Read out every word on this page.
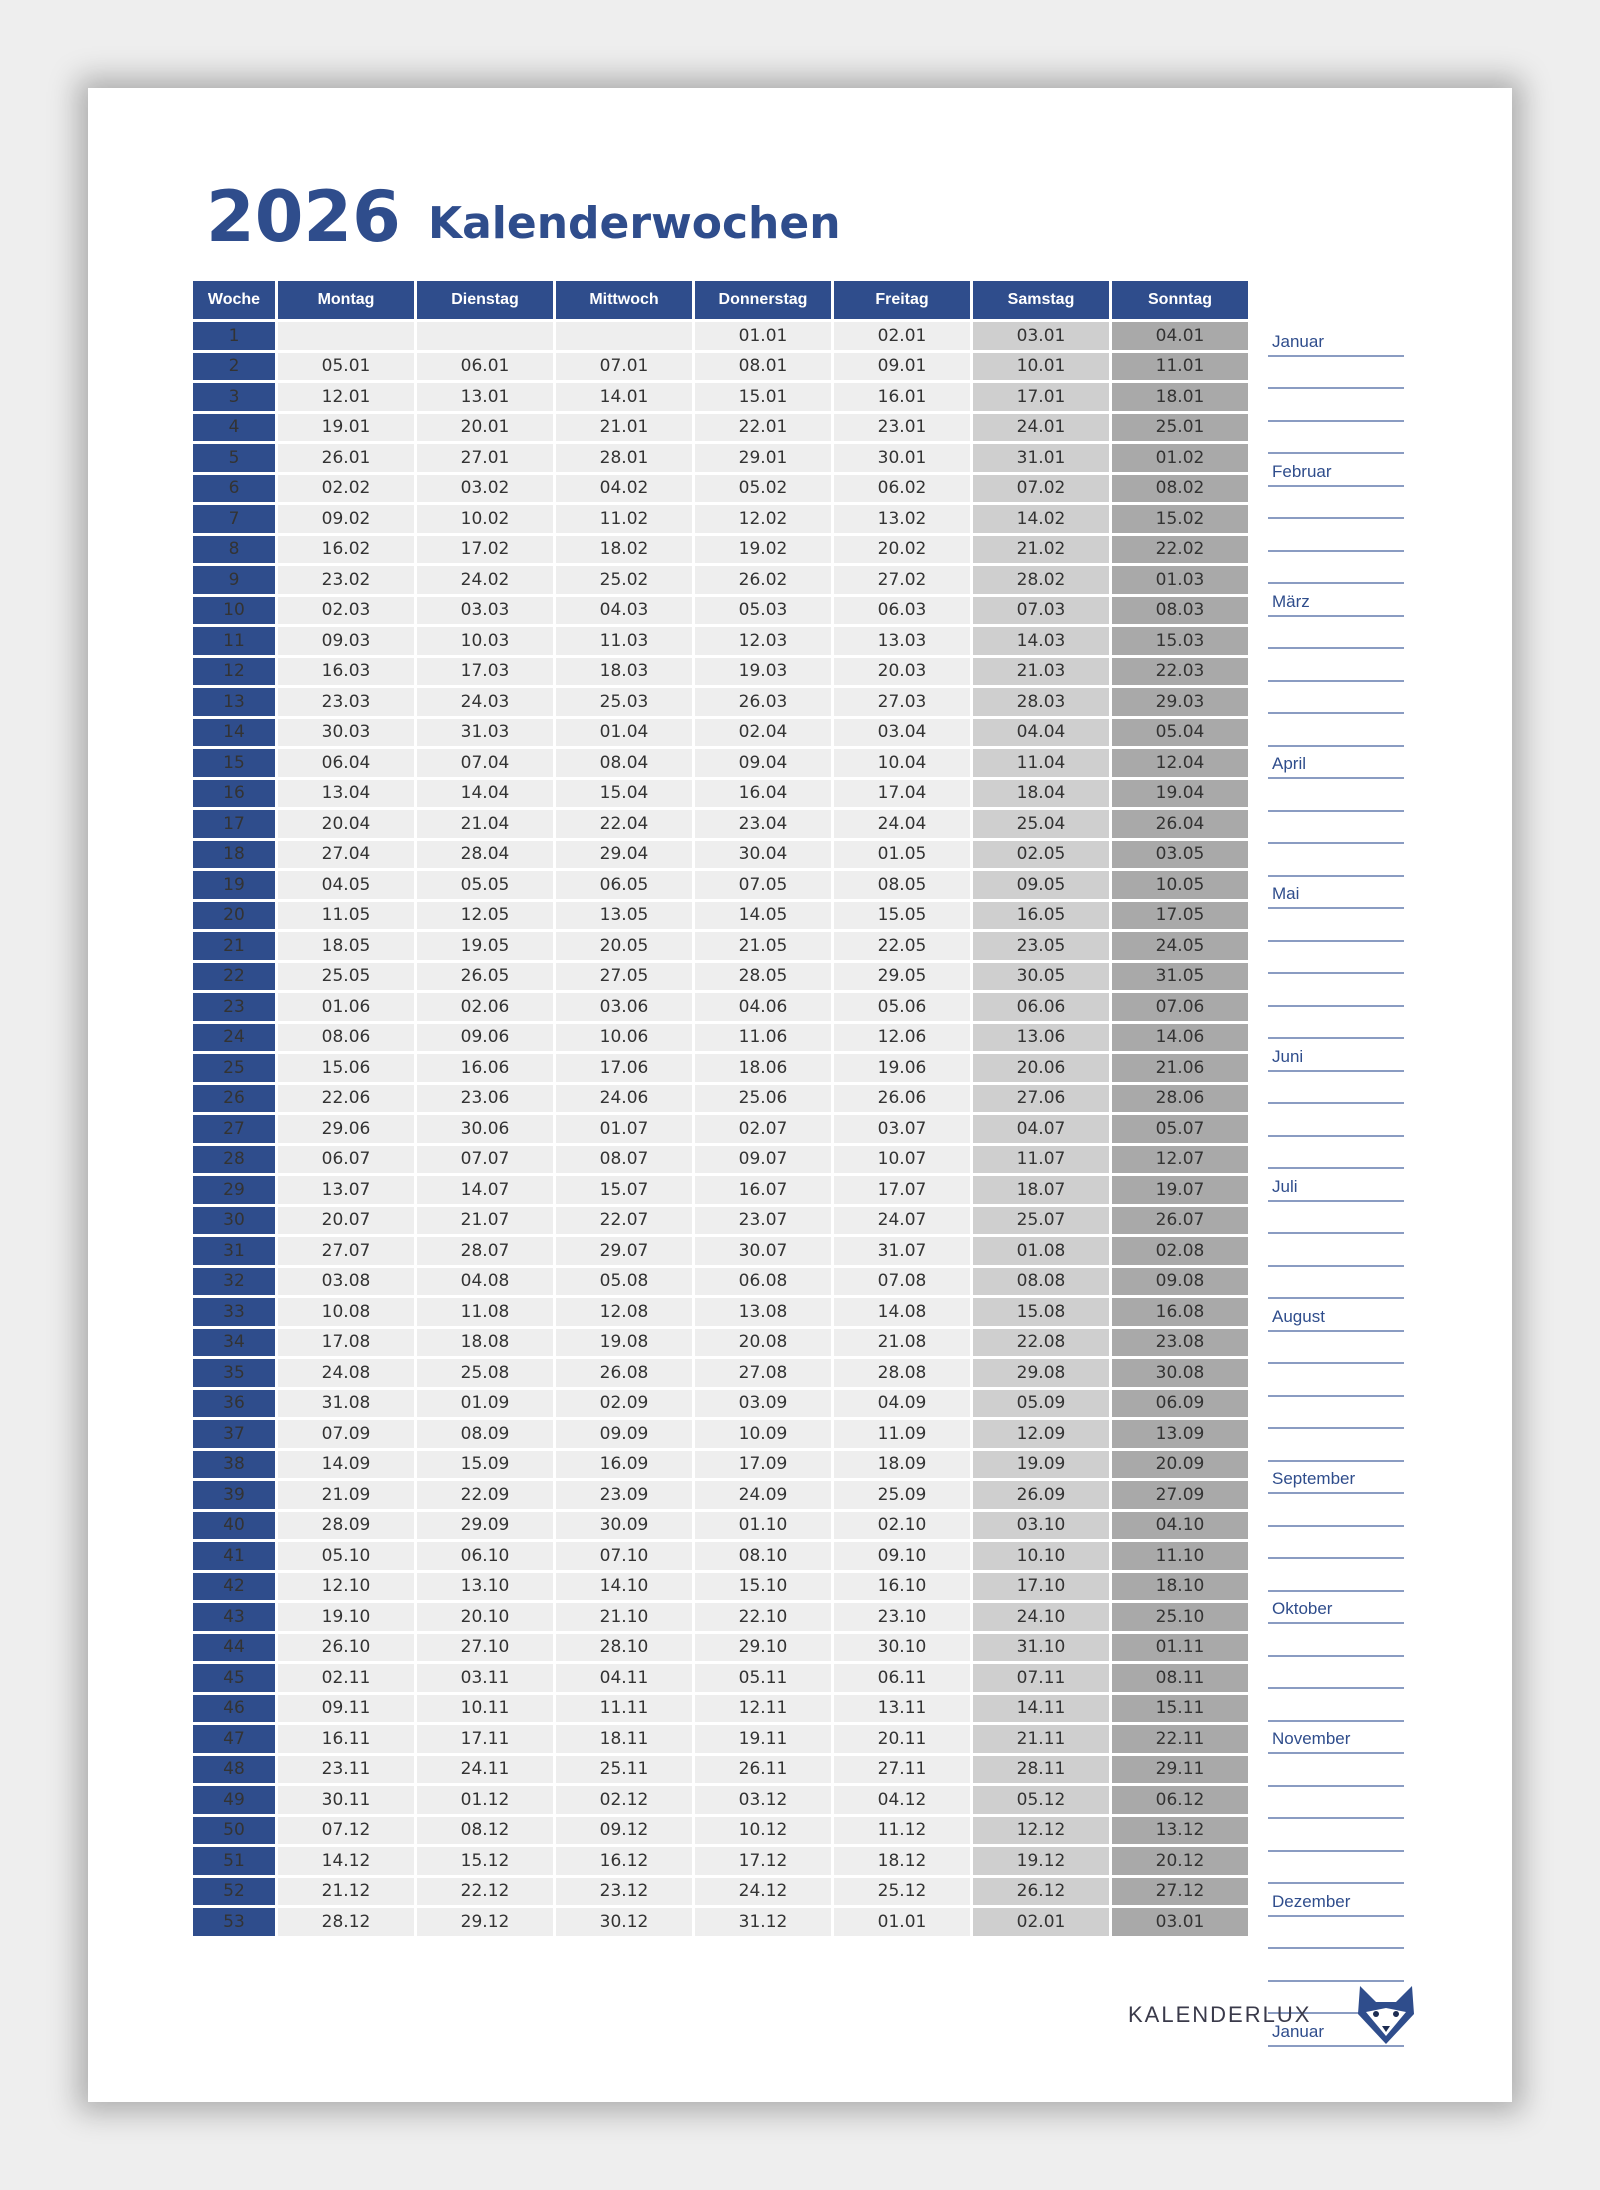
2026 Kalenderwochen
Woche	Montag	Dienstag	Mittwoch	Donnerstag	Freitag	Samstag	Sonntag
1				01.01	02.01	03.01	04.01
2	05.01	06.01	07.01	08.01	09.01	10.01	11.01
3	12.01	13.01	14.01	15.01	16.01	17.01	18.01
4	19.01	20.01	21.01	22.01	23.01	24.01	25.01
5	26.01	27.01	28.01	29.01	30.01	31.01	01.02
6	02.02	03.02	04.02	05.02	06.02	07.02	08.02
7	09.02	10.02	11.02	12.02	13.02	14.02	15.02
8	16.02	17.02	18.02	19.02	20.02	21.02	22.02
9	23.02	24.02	25.02	26.02	27.02	28.02	01.03
10	02.03	03.03	04.03	05.03	06.03	07.03	08.03
11	09.03	10.03	11.03	12.03	13.03	14.03	15.03
12	16.03	17.03	18.03	19.03	20.03	21.03	22.03
13	23.03	24.03	25.03	26.03	27.03	28.03	29.03
14	30.03	31.03	01.04	02.04	03.04	04.04	05.04
15	06.04	07.04	08.04	09.04	10.04	11.04	12.04
16	13.04	14.04	15.04	16.04	17.04	18.04	19.04
17	20.04	21.04	22.04	23.04	24.04	25.04	26.04
18	27.04	28.04	29.04	30.04	01.05	02.05	03.05
19	04.05	05.05	06.05	07.05	08.05	09.05	10.05
20	11.05	12.05	13.05	14.05	15.05	16.05	17.05
21	18.05	19.05	20.05	21.05	22.05	23.05	24.05
22	25.05	26.05	27.05	28.05	29.05	30.05	31.05
23	01.06	02.06	03.06	04.06	05.06	06.06	07.06
24	08.06	09.06	10.06	11.06	12.06	13.06	14.06
25	15.06	16.06	17.06	18.06	19.06	20.06	21.06
26	22.06	23.06	24.06	25.06	26.06	27.06	28.06
27	29.06	30.06	01.07	02.07	03.07	04.07	05.07
28	06.07	07.07	08.07	09.07	10.07	11.07	12.07
29	13.07	14.07	15.07	16.07	17.07	18.07	19.07
30	20.07	21.07	22.07	23.07	24.07	25.07	26.07
31	27.07	28.07	29.07	30.07	31.07	01.08	02.08
32	03.08	04.08	05.08	06.08	07.08	08.08	09.08
33	10.08	11.08	12.08	13.08	14.08	15.08	16.08
34	17.08	18.08	19.08	20.08	21.08	22.08	23.08
35	24.08	25.08	26.08	27.08	28.08	29.08	30.08
36	31.08	01.09	02.09	03.09	04.09	05.09	06.09
37	07.09	08.09	09.09	10.09	11.09	12.09	13.09
38	14.09	15.09	16.09	17.09	18.09	19.09	20.09
39	21.09	22.09	23.09	24.09	25.09	26.09	27.09
40	28.09	29.09	30.09	01.10	02.10	03.10	04.10
41	05.10	06.10	07.10	08.10	09.10	10.10	11.10
42	12.10	13.10	14.10	15.10	16.10	17.10	18.10
43	19.10	20.10	21.10	22.10	23.10	24.10	25.10
44	26.10	27.10	28.10	29.10	30.10	31.10	01.11
45	02.11	03.11	04.11	05.11	06.11	07.11	08.11
46	09.11	10.11	11.11	12.11	13.11	14.11	15.11
47	16.11	17.11	18.11	19.11	20.11	21.11	22.11
48	23.11	24.11	25.11	26.11	27.11	28.11	29.11
49	30.11	01.12	02.12	03.12	04.12	05.12	06.12
50	07.12	08.12	09.12	10.12	11.12	12.12	13.12
51	14.12	15.12	16.12	17.12	18.12	19.12	20.12
52	21.12	22.12	23.12	24.12	25.12	26.12	27.12
53	28.12	29.12	30.12	31.12	01.01	02.01	03.01
Januar
Februar
März
April
Mai
Juni
Juli
August
September
Oktober
November
Dezember
Januar
KALENDERLUX
